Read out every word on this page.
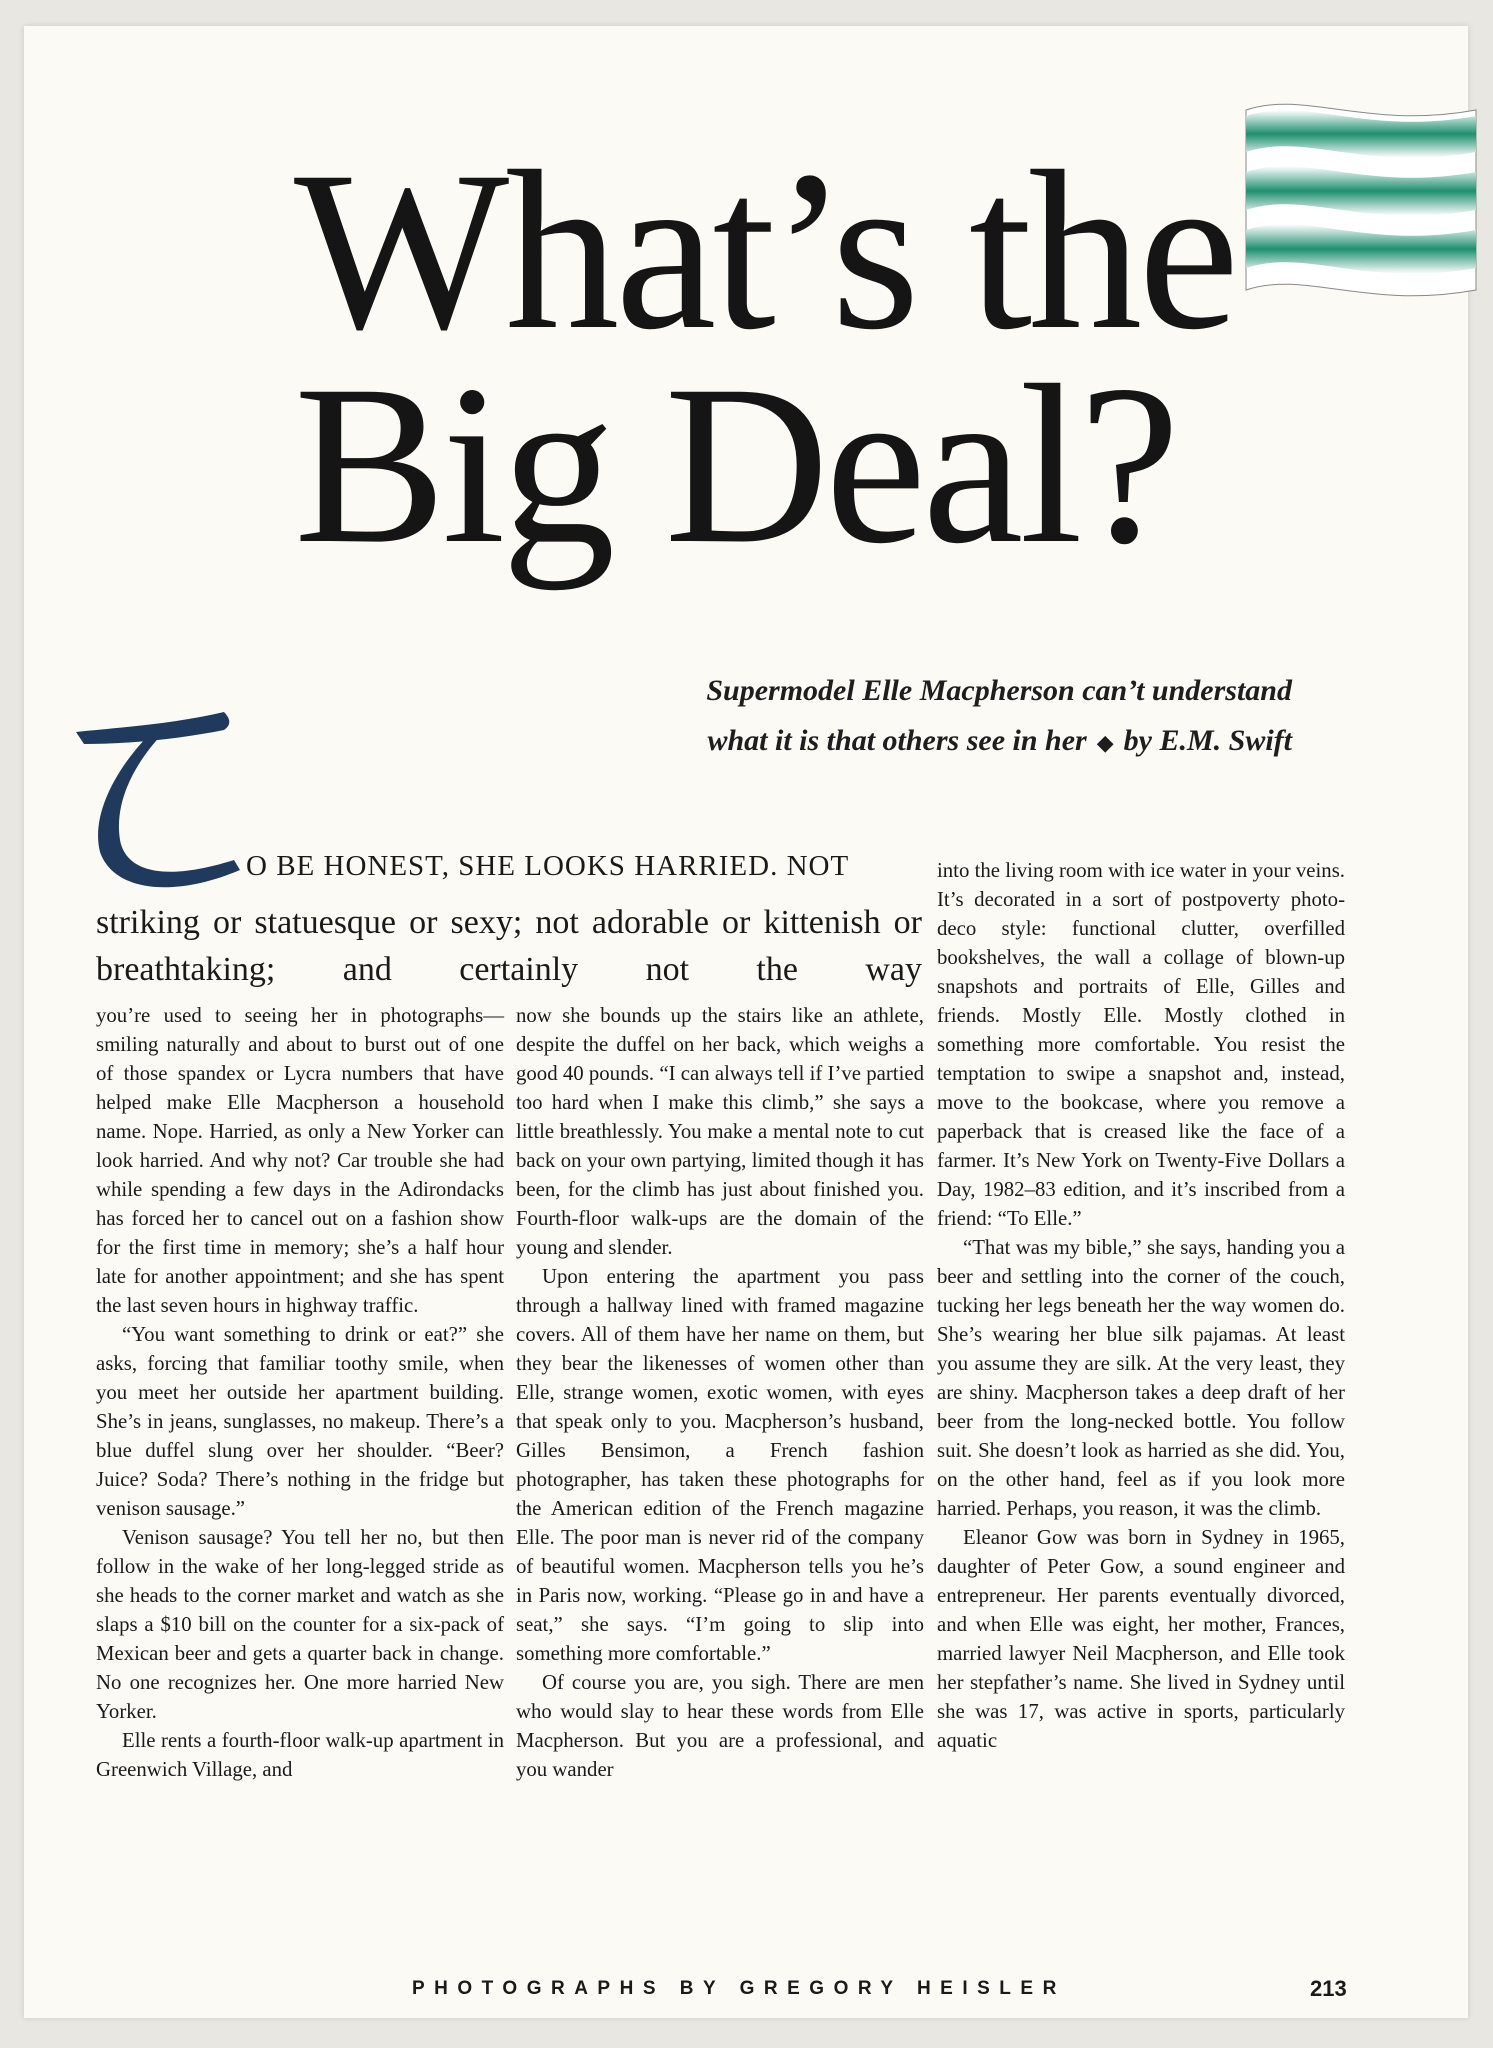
What’s the
Big Deal?
Supermodel Elle Macpherson can’t understand
what it is that others see in her ◆ by E.M. Swift
O BE HONEST, SHE LOOKS HARRIED. NOT
striking or statuesque or sexy; not adorable or kittenish or breathtaking; and certainly not the way

you’re used to seeing her in photographs—smiling naturally and about to burst out of one of those spandex or Lycra numbers that have helped make Elle Macpherson a household name. Nope. Harried, as only a New Yorker can look harried. And why not? Car trouble she had while spending a few days in the Adirondacks has forced her to cancel out on a fashion show for the first time in memory; she’s a half hour late for another appointment; and she has spent the last seven hours in highway traffic.

“You want something to drink or eat?” she asks, forcing that familiar toothy smile, when you meet her outside her apartment building. She’s in jeans, sunglasses, no makeup. There’s a blue duffel slung over her shoulder. “Beer? Juice? Soda? There’s nothing in the fridge but venison sausage.”

Venison sausage? You tell her no, but then follow in the wake of her long-legged stride as she heads to the corner market and watch as she slaps a $10 bill on the counter for a six-pack of Mexican beer and gets a quarter back in change. No one recognizes her. One more harried New Yorker.

Elle rents a fourth-floor walk-up apartment in Greenwich Village, and

now she bounds up the stairs like an athlete, despite the duffel on her back, which weighs a good 40 pounds. “I can always tell if I’ve partied too hard when I make this climb,” she says a little breathlessly. You make a mental note to cut back on your own partying, limited though it has been, for the climb has just about finished you. Fourth-floor walk-ups are the domain of the young and slender.

Upon entering the apartment you pass through a hallway lined with framed magazine covers. All of them have her name on them, but they bear the likenesses of women other than Elle, strange women, exotic women, with eyes that speak only to you. Macpherson’s husband, Gilles Bensimon, a French fashion photographer, has taken these photographs for the American edition of the French magazine Elle. The poor man is never rid of the company of beautiful women. Macpherson tells you he’s in Paris now, working. “Please go in and have a seat,” she says. “I’m going to slip into something more comfortable.”

Of course you are, you sigh. There are men who would slay to hear these words from Elle Macpherson. But you are a professional, and you wander

into the living room with ice water in your veins. It’s decorated in a sort of postpoverty photo-deco style: functional clutter, overfilled bookshelves, the wall a collage of blown-up snapshots and portraits of Elle, Gilles and friends. Mostly Elle. Mostly clothed in something more comfortable. You resist the temptation to swipe a snapshot and, instead, move to the bookcase, where you remove a paperback that is creased like the face of a farmer. It’s New York on Twenty-Five Dollars a Day, 1982–83 edition, and it’s inscribed from a friend: “To Elle.”

“That was my bible,” she says, handing you a beer and settling into the corner of the couch, tucking her legs beneath her the way women do. She’s wearing her blue silk pajamas. At least you assume they are silk. At the very least, they are shiny. Macpherson takes a deep draft of her beer from the long-necked bottle. You follow suit. She doesn’t look as harried as she did. You, on the other hand, feel as if you look more harried. Perhaps, you reason, it was the climb.

Eleanor Gow was born in Sydney in 1965, daughter of Peter Gow, a sound engineer and entrepreneur. Her parents eventually divorced, and when Elle was eight, her mother, Frances, married lawyer Neil Macpherson, and Elle took her stepfather’s name. She lived in Sydney until she was 17, was active in sports, particularly aquatic

PHOTOGRAPHS BY GREGORY HEISLER	213
